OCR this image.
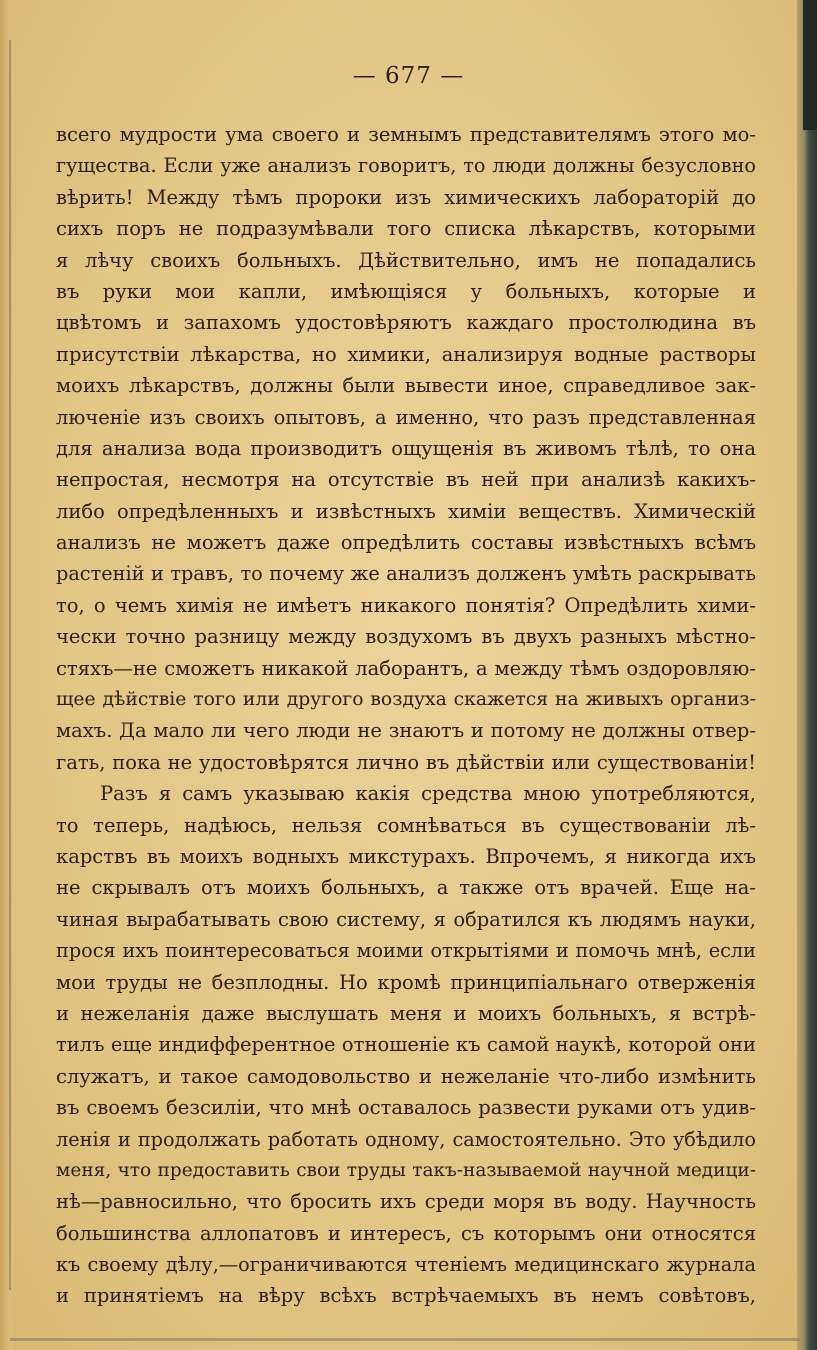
— 677 —
всего мудрости ума своего и земнымъ представителямъ этого мо-
гущества. Если уже анализъ говоритъ, то люди должны безусловно
вѣрить! Между тѣмъ пророки изъ химическихъ лабораторій до
сихъ поръ не подразумѣвали того списка лѣкарствъ, которыми
я лѣчу своихъ больныхъ. Дѣйствительно, имъ не попадались
въ руки мои капли, имѣющіяся у больныхъ, которые и
цвѣтомъ и запахомъ удостовѣряютъ каждаго простолюдина въ
присутствіи лѣкарства, но химики, анализируя водные растворы
моихъ лѣкарствъ, должны были вывести иное, справедливое зак-
люченіе изъ своихъ опытовъ, а именно, что разъ представленная
для анализа вода производитъ ощущенія въ живомъ тѣлѣ, то она
непростая, несмотря на отсутствіе въ ней при анализѣ какихъ-
либо опредѣленныхъ и извѣстныхъ химіи веществъ. Химическій
анализъ не можетъ даже опредѣлить составы извѣстныхъ всѣмъ
растеній и травъ, то почему же анализъ долженъ умѣть раскрывать
то, о чемъ химія не имѣетъ никакого понятія? Опредѣлить хими-
чески точно разницу между воздухомъ въ двухъ разныхъ мѣстно-
стяхъ—не сможетъ никакой лаборантъ, а между тѣмъ оздоровляю-
щее дѣйствіе того или другого воздуха скажется на живыхъ организ-
махъ. Да мало ли чего люди не знаютъ и потому не должны отвер-
гать, пока не удостовѣрятся лично въ дѣйствіи или существованіи!
Разъ я самъ указываю какія средства мною употребляются,
то теперь, надѣюсь, нельзя сомнѣваться въ существованіи лѣ-
карствъ въ моихъ водныхъ микстурахъ. Впрочемъ, я никогда ихъ
не скрывалъ отъ моихъ больныхъ, а также отъ врачей. Еще на-
чиная вырабатывать свою систему, я обратился къ людямъ науки,
прося ихъ поинтересоваться моими открытіями и помочь мнѣ, если
мои труды не безплодны. Но кромѣ принципіальнаго отверженія
и нежеланія даже выслушать меня и моихъ больныхъ, я встрѣ-
тилъ еще индифферентное отношеніе къ самой наукѣ, которой они
служатъ, и такое самодовольство и нежеланіе что-либо измѣнить
въ своемъ безсиліи, что мнѣ оставалось развести руками отъ удив-
ленія и продолжать работать одному, самостоятельно. Это убѣдило
меня, что предоставить свои труды такъ-называемой научной медици-
нѣ—равносильно, что бросить ихъ среди моря въ воду. Научность
большинства аллопатовъ и интересъ, съ которымъ они относятся
къ своему дѣлу,—ограничиваются чтеніемъ медицинскаго журнала
и принятіемъ на вѣру всѣхъ встрѣчаемыхъ въ немъ совѣтовъ,
